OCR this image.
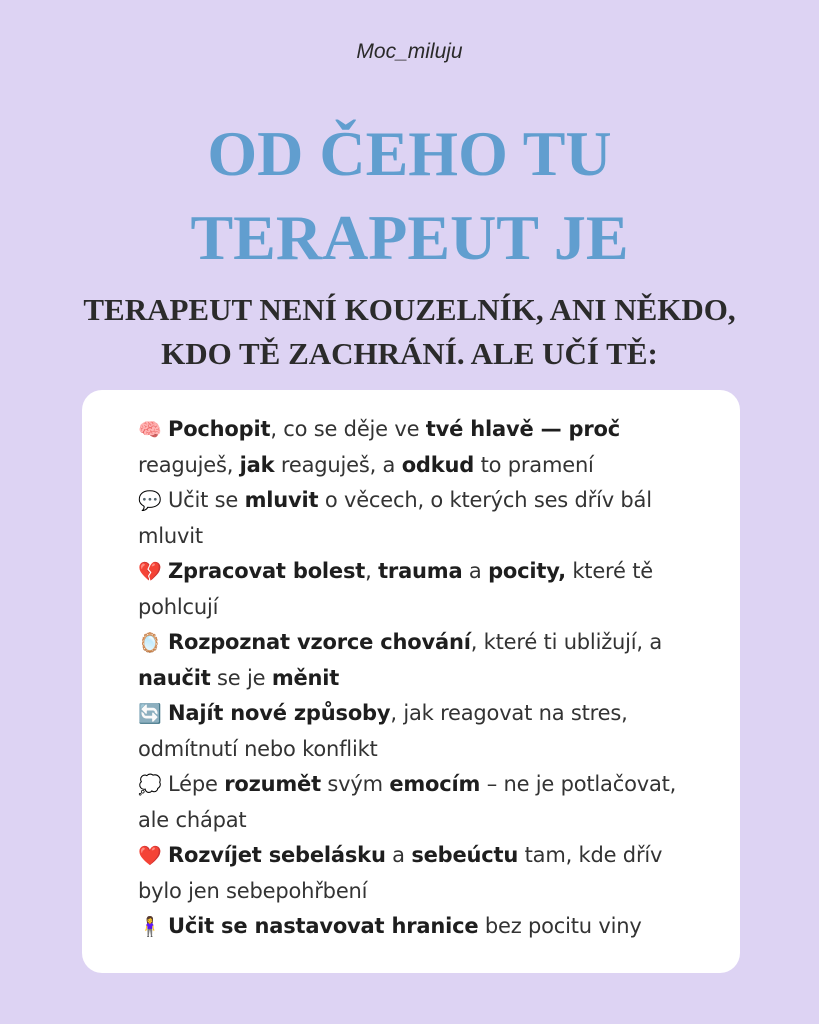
Moc_miluju
OD ČEHO TU
TERAPEUT JE
TERAPEUT NENÍ KOUZELNÍK, ANI NĚKDO,
KDO TĚ ZACHRÁNÍ. ALE UČÍ TĚ:
🧠 Pochopit, co se děje ve tvé hlavě — proč reaguješ, jak reaguješ, a odkud to pramení
💬 Učit se mluvit o věcech, o kterých ses dřív bál mluvit
💔 Zpracovat bolest, trauma a pocity, které tě pohlcují
🪞 Rozpoznat vzorce chování, které ti ubližují, a naučit se je měnit
🔄 Najít nové způsoby, jak reagovat na stres, odmítnutí nebo konflikt
💭 Lépe rozumět svým emocím – ne je potlačovat, ale chápat
❤️ Rozvíjet sebelásku a sebeúctu tam, kde dřív bylo jen sebepohřbení
🧍‍♀️ Učit se nastavovat hranice bez pocitu viny
